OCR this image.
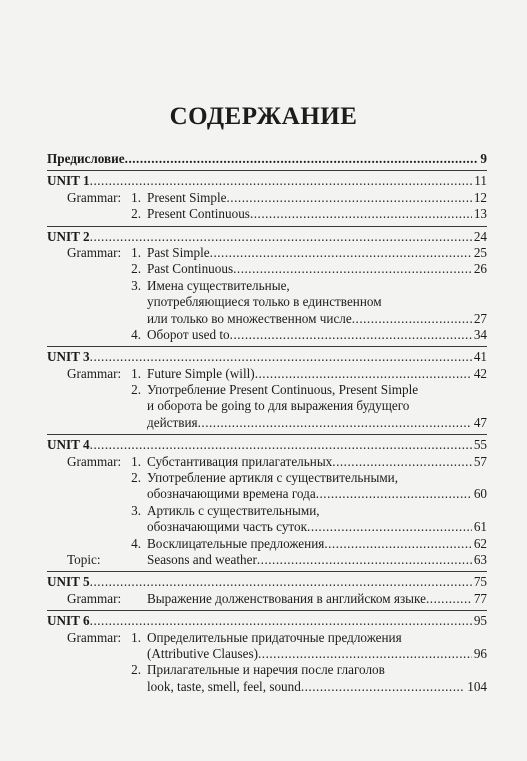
СОДЕРЖАНИЕ
Предисловие .....	9
UNIT 1 .....	11
Grammar: 1. Present Simple .....	12
2. Present Continuous .....	13
UNIT 2 .....	24
Grammar: 1. Past Simple .....	25
2. Past Continuous .....	26
3. Имена существительные,
употребляющиеся только в единственном
или только во множественном числе .....	27
4. Оборот used to .....	34
UNIT 3 .....	41
Grammar: 1. Future Simple (will) .....	42
2. Употребление Present Continuous, Present Simple
и оборота be going to для выражения будущего
действия .....	47
UNIT 4 .....	55
Grammar: 1. Субстантивация прилагательных .....	57
2. Употребление артикля с существительными,
обозначающими времена года .....	60
3. Артикль с существительными,
обозначающими часть суток .....	61
4. Восклицательные предложения .....	62
Topic:	Seasons and weather .....	63
UNIT 5 .....	75
Grammar: Выражение долженствования в английском языке .....	77
UNIT 6 .....	95
Grammar: 1. Определительные придаточные предложения
(Attributive Clauses) .....	96
2. Прилагательные и наречия после глаголов
look, taste, smell, feel, sound .....	104
